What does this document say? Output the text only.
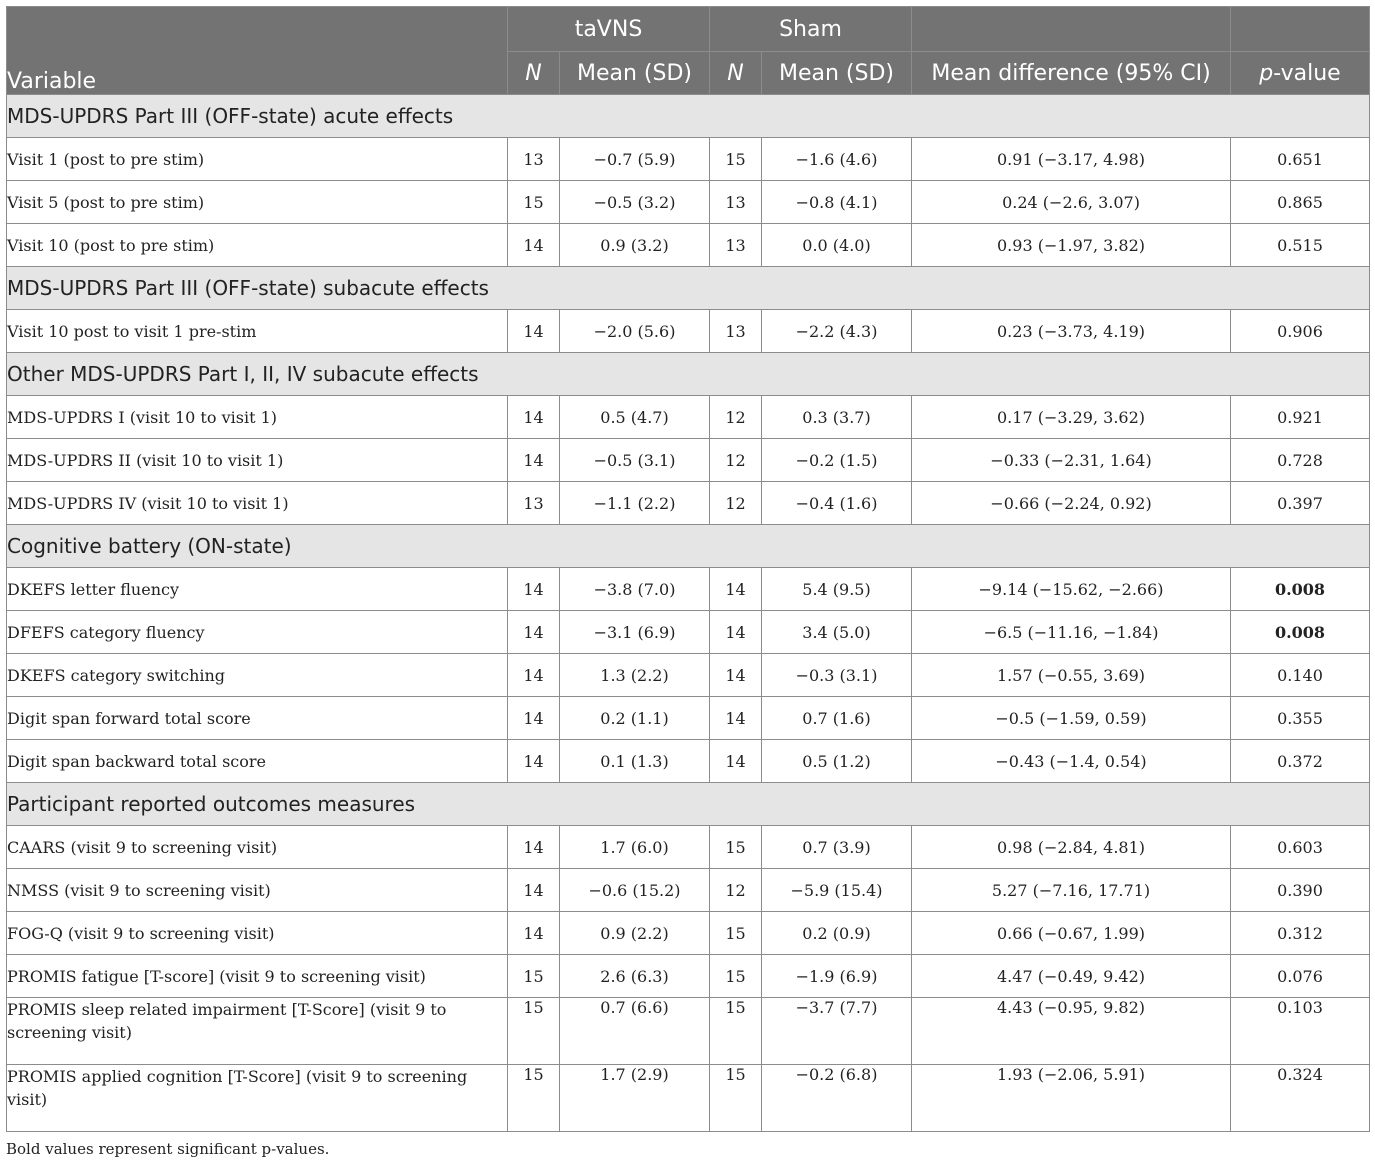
Variable	taVNS		Sham			
	N	Mean (SD)	N	Mean (SD)	Mean difference (95% CI)	p-value
MDS-UPDRS Part III (OFF-state) acute effects						
Visit 1 (post to pre stim)	13	−0.7 (5.9)	15	−1.6 (4.6)	0.91 (−3.17, 4.98)	0.651
Visit 5 (post to pre stim)	15	−0.5 (3.2)	13	−0.8 (4.1)	0.24 (−2.6, 3.07)	0.865
Visit 10 (post to pre stim)	14	0.9 (3.2)	13	0.0 (4.0)	0.93 (−1.97, 3.82)	0.515
MDS-UPDRS Part III (OFF-state) subacute effects						
Visit 10 post to visit 1 pre-stim	14	−2.0 (5.6)	13	−2.2 (4.3)	0.23 (−3.73, 4.19)	0.906
Other MDS-UPDRS Part I, II, IV subacute effects						
MDS-UPDRS I (visit 10 to visit 1)	14	0.5 (4.7)	12	0.3 (3.7)	0.17 (−3.29, 3.62)	0.921
MDS-UPDRS II (visit 10 to visit 1)	14	−0.5 (3.1)	12	−0.2 (1.5)	−0.33 (−2.31, 1.64)	0.728
MDS-UPDRS IV (visit 10 to visit 1)	13	−1.1 (2.2)	12	−0.4 (1.6)	−0.66 (−2.24, 0.92)	0.397
Cognitive battery (ON-state)						
DKEFS letter fluency	14	−3.8 (7.0)	14	5.4 (9.5)	−9.14 (−15.62, −2.66)	0.008
DFEFS category fluency	14	−3.1 (6.9)	14	3.4 (5.0)	−6.5 (−11.16, −1.84)	0.008
DKEFS category switching	14	1.3 (2.2)	14	−0.3 (3.1)	1.57 (−0.55, 3.69)	0.140
Digit span forward total score	14	0.2 (1.1)	14	0.7 (1.6)	−0.5 (−1.59, 0.59)	0.355
Digit span backward total score	14	0.1 (1.3)	14	0.5 (1.2)	−0.43 (−1.4, 0.54)	0.372
Participant reported outcomes measures						
CAARS (visit 9 to screening visit)	14	1.7 (6.0)	15	0.7 (3.9)	0.98 (−2.84, 4.81)	0.603
NMSS (visit 9 to screening visit)	14	−0.6 (15.2)	12	−5.9 (15.4)	5.27 (−7.16, 17.71)	0.390
FOG-Q (visit 9 to screening visit)	14	0.9 (2.2)	15	0.2 (0.9)	0.66 (−0.67, 1.99)	0.312
PROMIS fatigue [T-score] (visit 9 to screening visit)	15	2.6 (6.3)	15	−1.9 (6.9)	4.47 (−0.49, 9.42)	0.076
PROMIS sleep related impairment [T-Score] (visit 9 to screening visit)	15	0.7 (6.6)	15	−3.7 (7.7)	4.43 (−0.95, 9.82)	0.103
PROMIS applied cognition [T-Score] (visit 9 to screening visit)	15	1.7 (2.9)	15	−0.2 (6.8)	1.93 (−2.06, 5.91)	0.324
Bold values represent significant p-values.
